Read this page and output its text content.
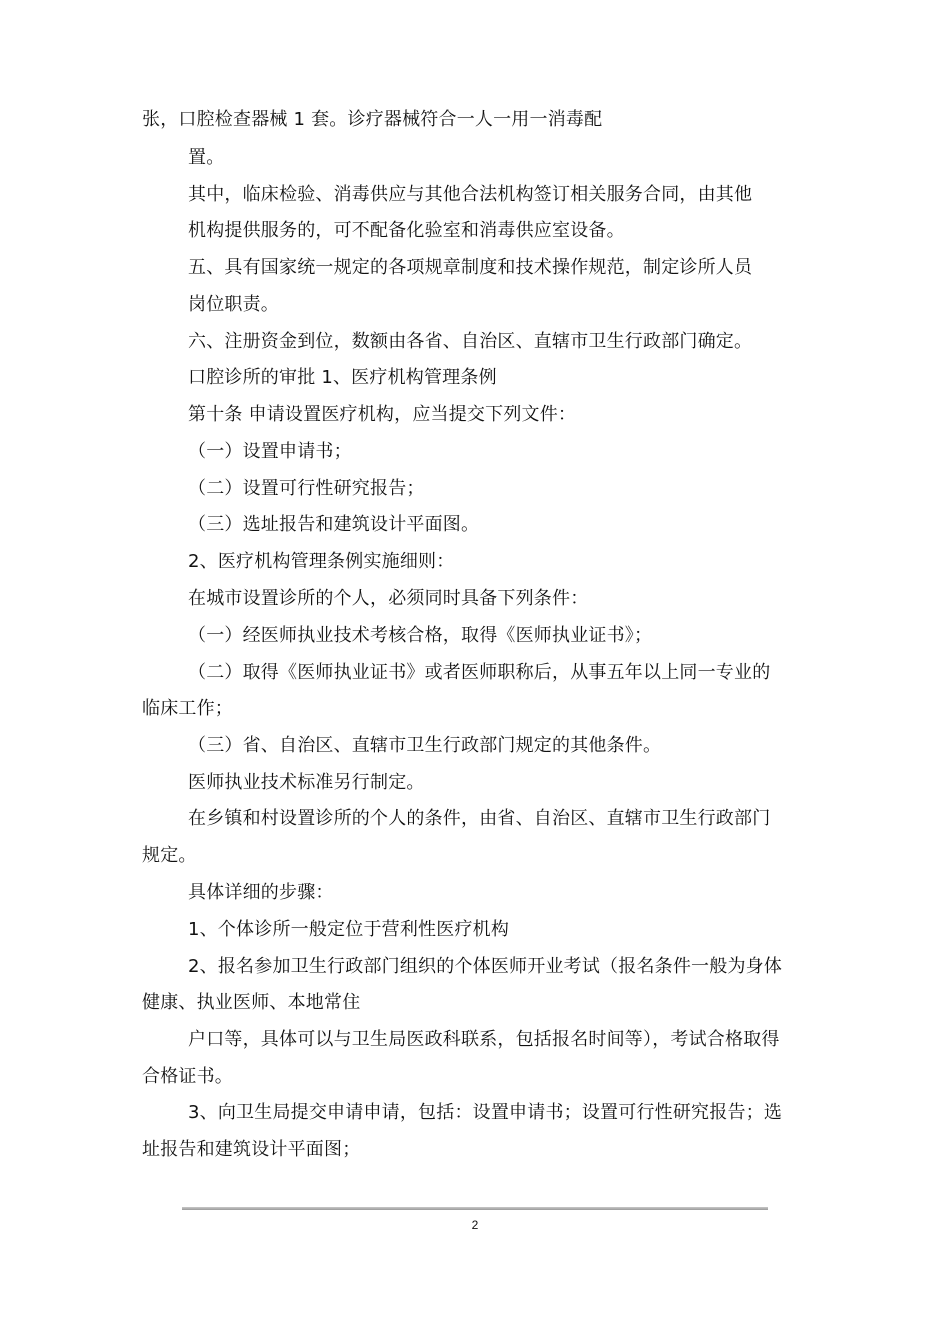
张，口腔检查器械 1 套。诊疗器械符合一人一用一消毒配
置。
其中，临床检验、消毒供应与其他合法机构签订相关服务合同，由其他
机构提供服务的，可不配备化验室和消毒供应室设备。
五、具有国家统一规定的各项规章制度和技术操作规范，制定诊所人员
岗位职责。
六、注册资金到位，数额由各省、自治区、直辖市卫生行政部门确定。
口腔诊所的审批 1、医疗机构管理条例
第十条 申请设置医疗机构，应当提交下列文件：
（一）设置申请书；
（二）设置可行性研究报告；
（三）选址报告和建筑设计平面图。
2、医疗机构管理条例实施细则：
在城市设置诊所的个人，必须同时具备下列条件：
（一）经医师执业技术考核合格，取得《医师执业证书》；
（二）取得《医师执业证书》或者医师职称后，从事五年以上同一专业的
临床工作；
（三）省、自治区、直辖市卫生行政部门规定的其他条件。
医师执业技术标准另行制定。
在乡镇和村设置诊所的个人的条件，由省、自治区、直辖市卫生行政部门
规定。
具体详细的步骤：
1、个体诊所一般定位于营利性医疗机构
2、报名参加卫生行政部门组织的个体医师开业考试（报名条件一般为身体
健康、执业医师、本地常住
户口等，具体可以与卫生局医政科联系，包括报名时间等），考试合格取得
合格证书。
3、向卫生局提交申请申请，包括：设置申请书；设置可行性研究报告；选
址报告和建筑设计平面图；
2
